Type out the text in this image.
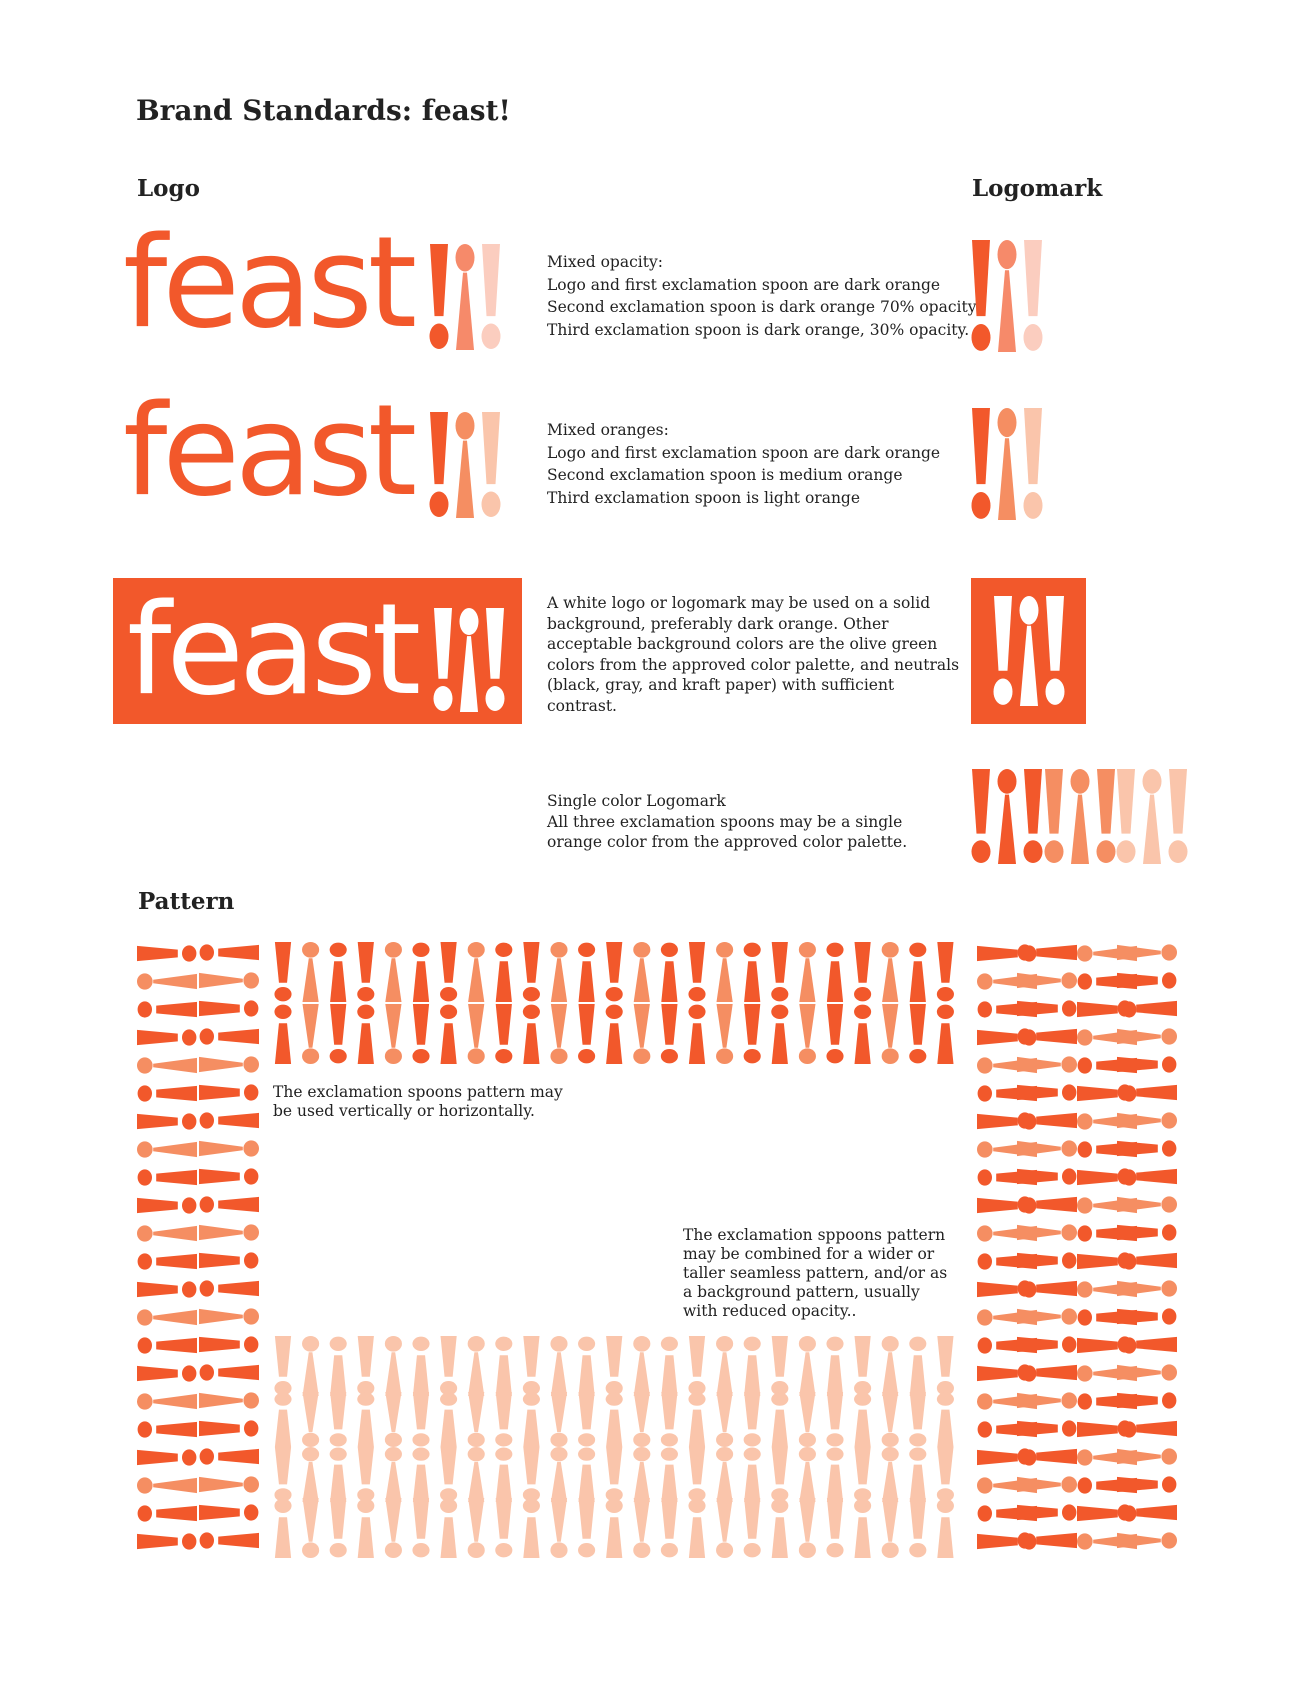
Brand Standards: feast!
Logo	Logomark
feast	Mixed opacity:
Logo and first exclamation spoon are dark orange
Second exclamation spoon is dark orange 70% opacity
Third exclamation spoon is dark orange, 30% opacity.
feast	Mixed oranges:
Logo and first exclamation spoon are dark orange
Second exclamation spoon is medium orange
Third exclamation spoon is light orange
feast	A white logo or logomark may be used on a solid background, preferably dark orange. Other acceptable background colors are the olive green colors from the approved color palette, and neutrals (black, gray, and kraft paper) with sufficient contrast.

Single color Logomark
All three exclamation spoons may be a single orange color from the approved color palette.
Pattern

The exclamation spoons pattern may be used vertically or horizontally.

The exclamation sppoons pattern may be combined for a wider or taller seamless pattern, and/or as a background pattern, usually with reduced opacity..
